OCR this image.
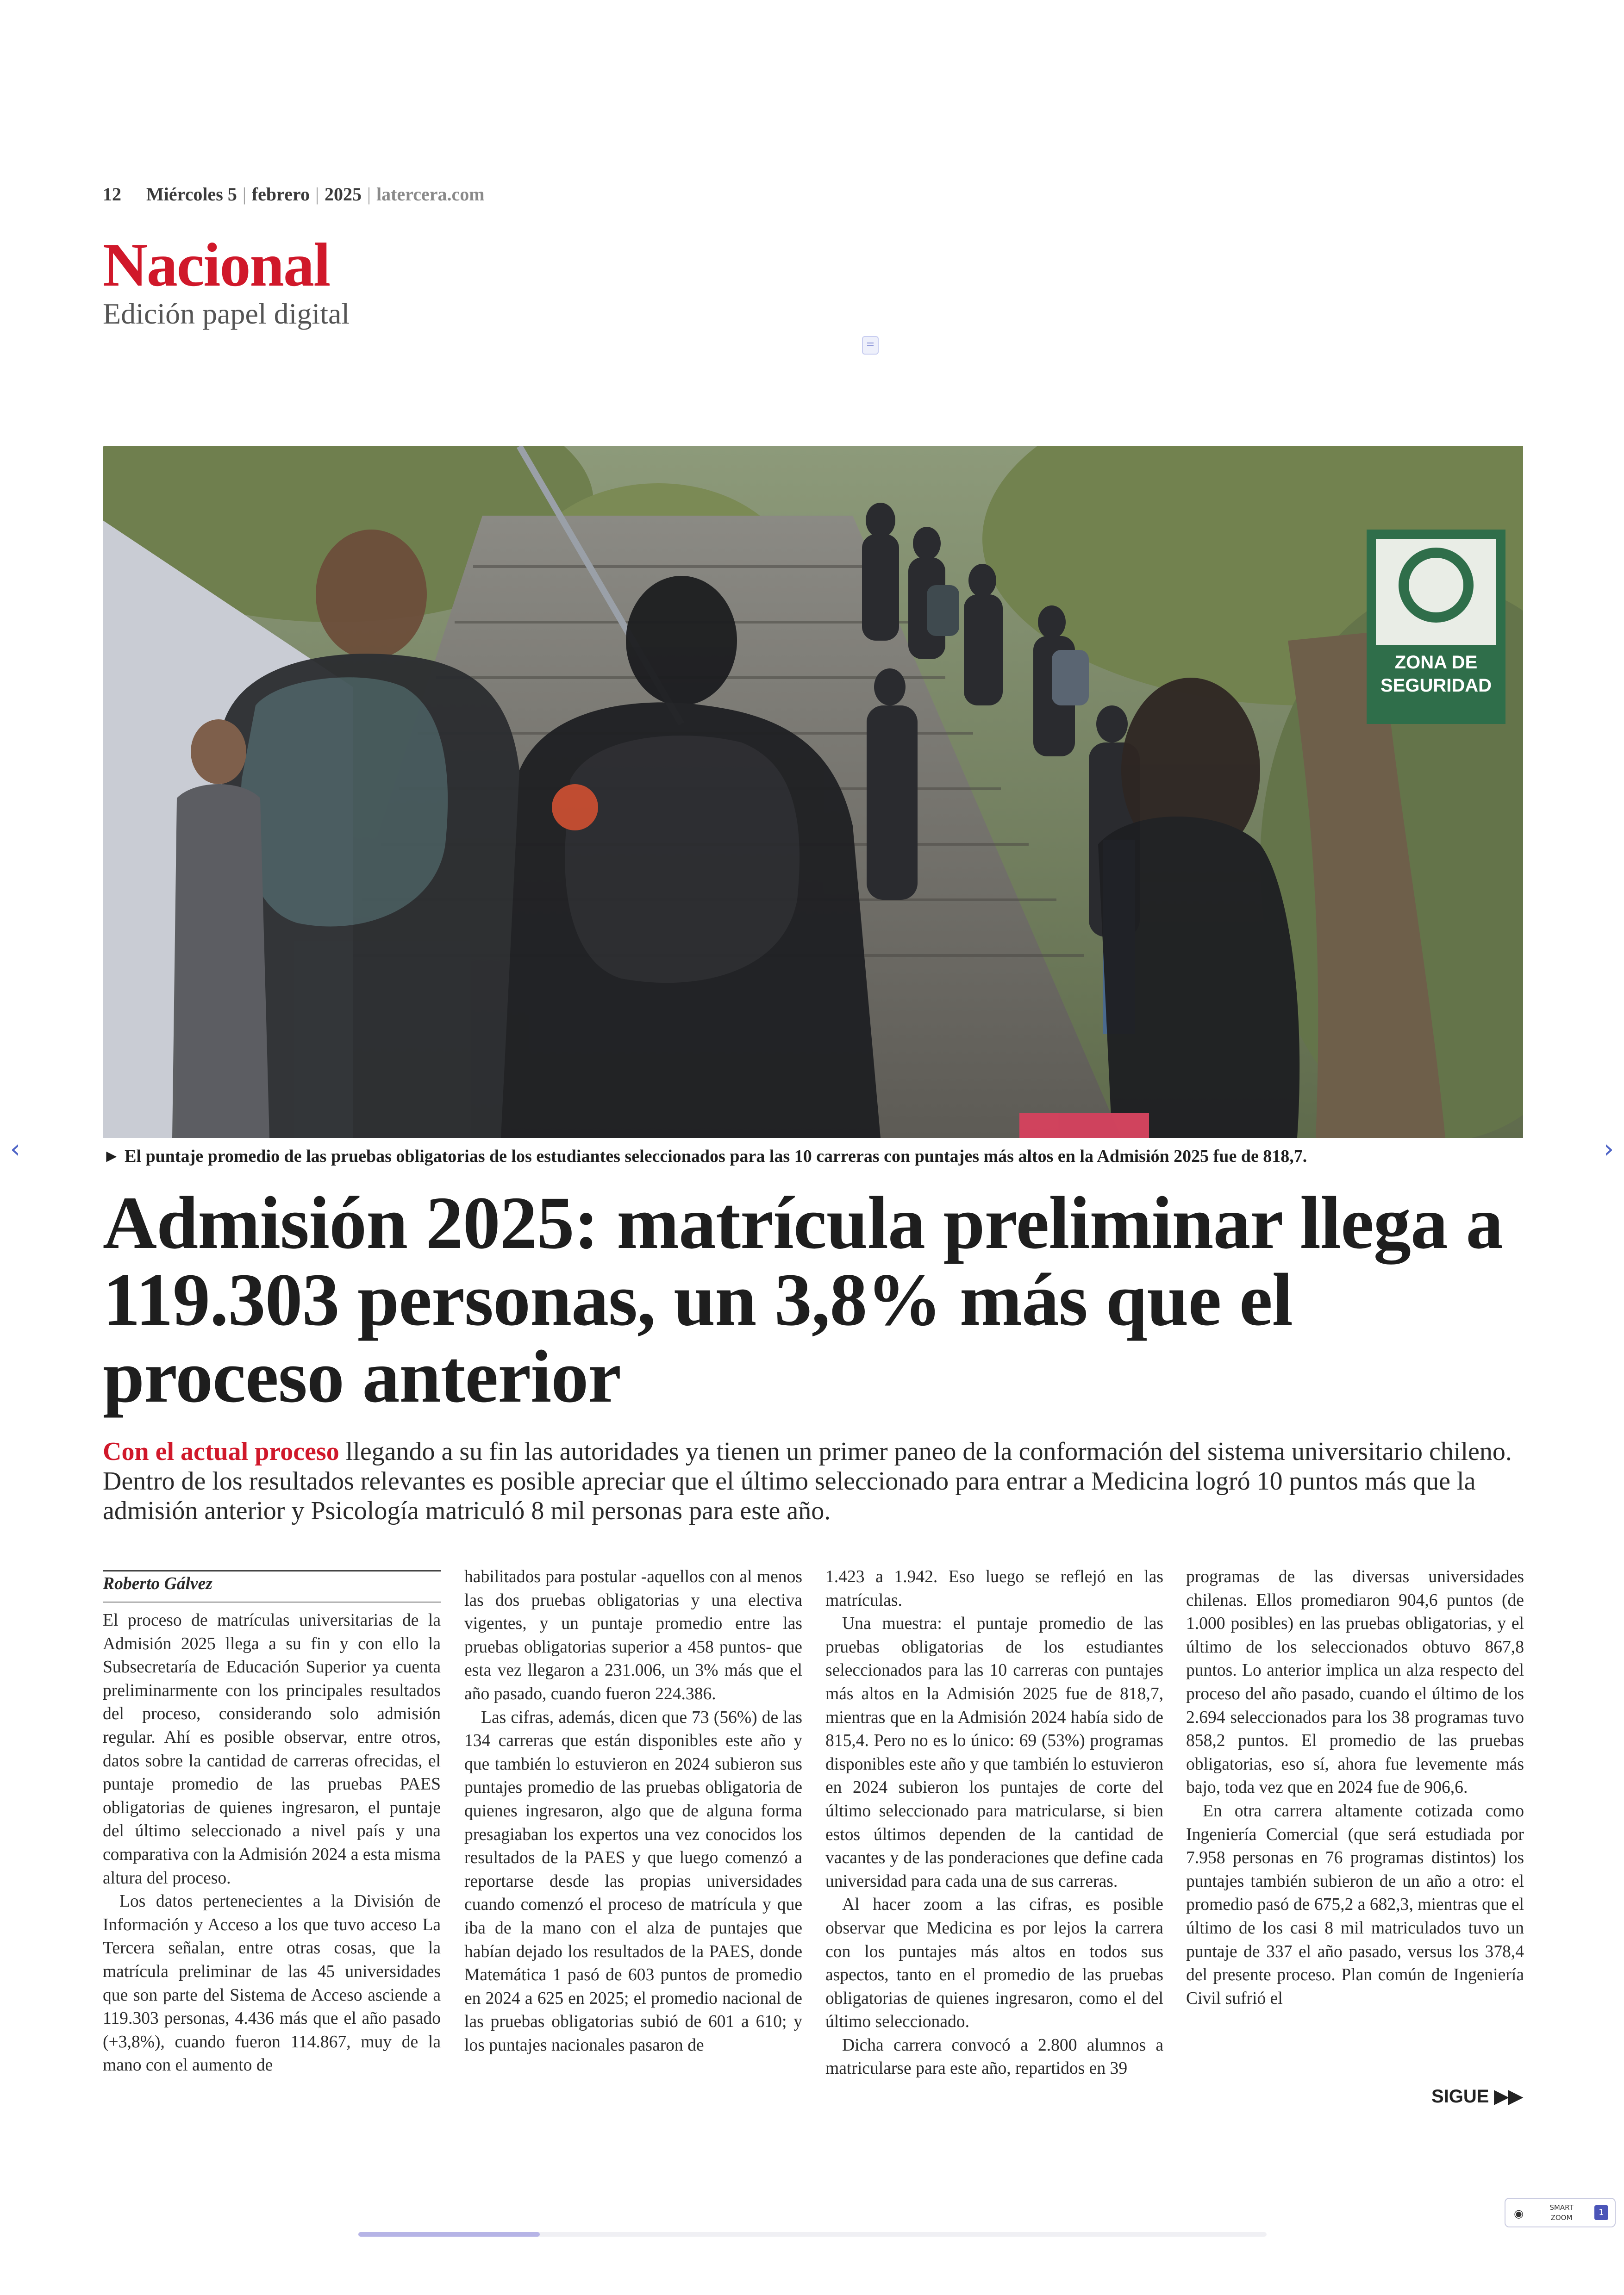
12 Miércoles 5 | febrero | 2025 | latercera.com
Nacional
Edición papel digital
ZONA DE
SEGURIDAD
► El puntaje promedio de las pruebas obligatorias de los estudiantes seleccionados para las 10 carreras con puntajes más altos en la Admisión 2025 fue de 818,7.
‹	›
Admisión 2025: matrícula preliminar llega a 119.303 personas, un 3,8% más que el proceso anterior
Con el actual proceso llegando a su fin las autoridades ya tienen un primer paneo de la conformación del sistema universitario chileno. Dentro de los resultados relevantes es posible apreciar que el último seleccionado para entrar a Medicina logró 10 puntos más que la admisión anterior y Psicología matriculó 8 mil personas para este año.
Roberto Gálvez

El proceso de matrículas universitarias de la Admisión 2025 llega a su fin y con ello la Subsecretaría de Educación Superior ya cuenta preliminarmente con los principales resultados del proceso, considerando solo admisión regular. Ahí es posible observar, entre otros, datos sobre la cantidad de carreras ofrecidas, el puntaje promedio de las pruebas PAES obligatorias de quienes ingresaron, el puntaje del último seleccionado a nivel país y una comparativa con la Admisión 2024 a esta misma altura del proceso.

Los datos pertenecientes a la División de Información y Acceso a los que tuvo acceso La Tercera señalan, entre otras cosas, que la matrícula preliminar de las 45 universidades que son parte del Sistema de Acceso asciende a 119.303 personas, 4.436 más que el año pasado (+3,8%), cuando fueron 114.867, muy de la mano con el aumento de

habilitados para postular -aquellos con al menos las dos pruebas obligatorias y una electiva vigentes, y un puntaje promedio entre las pruebas obligatorias superior a 458 puntos- que esta vez llegaron a 231.006, un 3% más que el año pasado, cuando fueron 224.386.

Las cifras, además, dicen que 73 (56%) de las 134 carreras que están disponibles este año y que también lo estuvieron en 2024 subieron sus puntajes promedio de las pruebas obligatoria de quienes ingresaron, algo que de alguna forma presagiaban los expertos una vez conocidos los resultados de la PAES y que luego comenzó a reportarse desde las propias universidades cuando comenzó el proceso de matrícula y que iba de la mano con el alza de puntajes que habían dejado los resultados de la PAES, donde Matemática 1 pasó de 603 puntos de promedio en 2024 a 625 en 2025; el promedio nacional de las pruebas obligatorias subió de 601 a 610; y los puntajes nacionales pasaron de

1.423 a 1.942. Eso luego se reflejó en las matrículas.

Una muestra: el puntaje promedio de las pruebas obligatorias de los estudiantes seleccionados para las 10 carreras con puntajes más altos en la Admisión 2025 fue de 818,7, mientras que en la Admisión 2024 había sido de 815,4. Pero no es lo único: 69 (53%) programas disponibles este año y que también lo estuvieron en 2024 subieron los puntajes de corte del último seleccionado para matricularse, si bien estos últimos dependen de la cantidad de vacantes y de las ponderaciones que define cada universidad para cada una de sus carreras.

Al hacer zoom a las cifras, es posible observar que Medicina es por lejos la carrera con los puntajes más altos en todos sus aspectos, tanto en el promedio de las pruebas obligatorias de quienes ingresaron, como el del último seleccionado.

Dicha carrera convocó a 2.800 alumnos a matricularse para este año, repartidos en 39

programas de las diversas universidades chilenas. Ellos promediaron 904,6 puntos (de 1.000 posibles) en las pruebas obligatorias, y el último de los seleccionados obtuvo 867,8 puntos. Lo anterior implica un alza respecto del proceso del año pasado, cuando el último de los 2.694 seleccionados para los 38 programas tuvo 858,2 puntos. El promedio de las pruebas obligatorias, eso sí, ahora fue levemente más bajo, toda vez que en 2024 fue de 906,6.

En otra carrera altamente cotizada como Ingeniería Comercial (que será estudiada por 7.958 personas en 76 programas distintos) los puntajes también subieron de un año a otro: el promedio pasó de 675,2 a 682,3, mientras que el último de los casi 8 mil matriculados tuvo un puntaje de 337 el año pasado, versus los 378,4 del presente proceso. Plan común de Ingeniería Civil sufrió el

SIGUE ▶▶
◉	SMART
ZOOM
1
